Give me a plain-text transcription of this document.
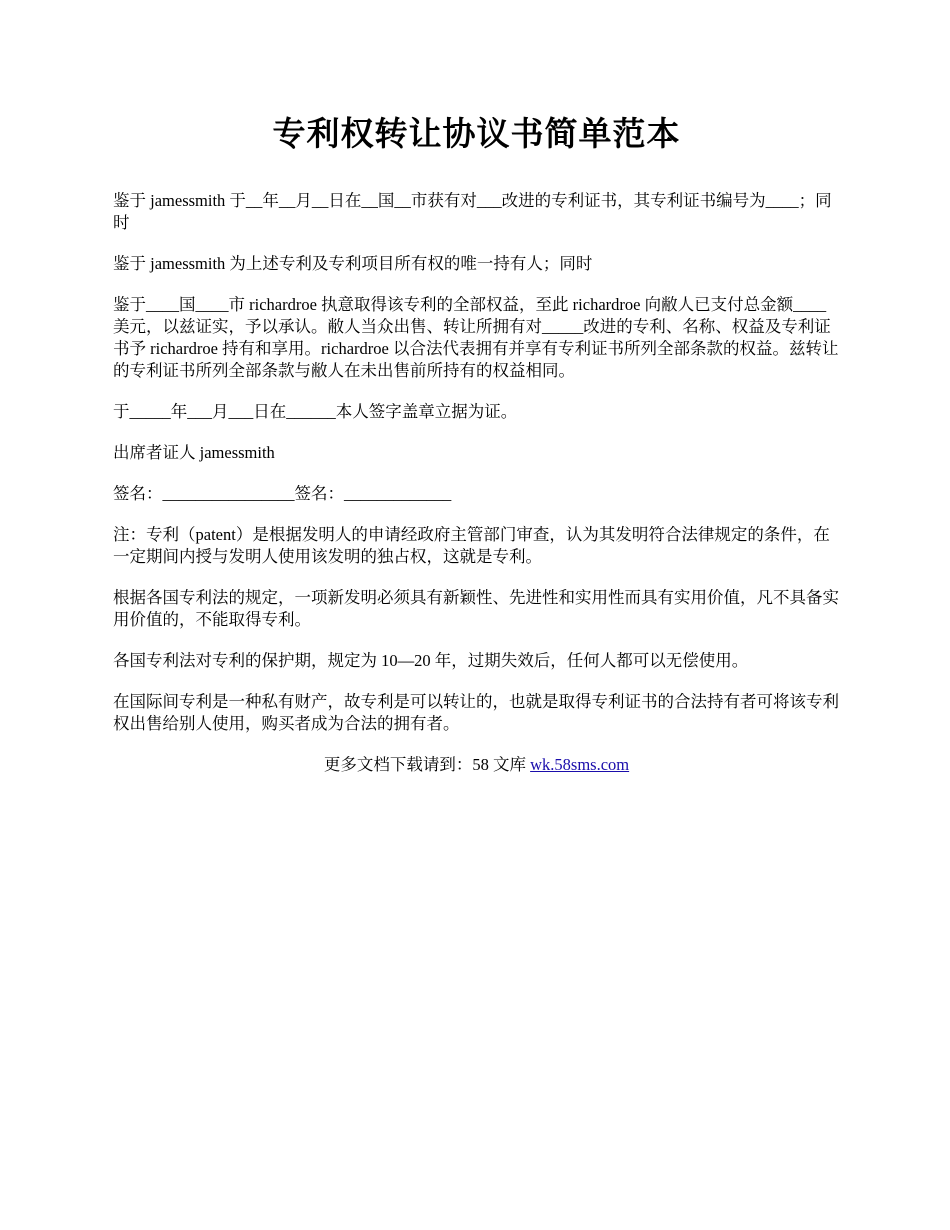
专利权转让协议书简单范本

鉴于 jamessmith 于__年__月__日在__国__市获有对___改进的专利证书，其专利证书编号为____；同时

鉴于 jamessmith 为上述专利及专利项目所有权的唯一持有人；同时

鉴于____国____市 richardroe 执意取得该专利的全部权益，至此 richardroe 向敝人已支付总金额____美元，以兹证实，予以承认。敝人当众出售、转让所拥有对_____改进的专利、名称、权益及专利证书予 richardroe 持有和享用。richardroe 以合法代表拥有并享有专利证书所列全部条款的权益。兹转让的专利证书所列全部条款与敝人在未出售前所持有的权益相同。

于_____年___月___日在______本人签字盖章立据为证。

出席者证人 jamessmith

签名：________________签名：_____________

注：专利（patent）是根据发明人的申请经政府主管部门审查，认为其发明符合法律规定的条件，在一定期间内授与发明人使用该发明的独占权，这就是专利。

根据各国专利法的规定，一项新发明必须具有新颖性、先进性和实用性而具有实用价值，凡不具备实用价值的，不能取得专利。

各国专利法对专利的保护期，规定为 10—20 年，过期失效后，任何人都可以无偿使用。

在国际间专利是一种私有财产，故专利是可以转让的，也就是取得专利证书的合法持有者可将该专利权出售给别人使用，购买者成为合法的拥有者。

更多文档下载请到：58 文库 wk.58sms.com
